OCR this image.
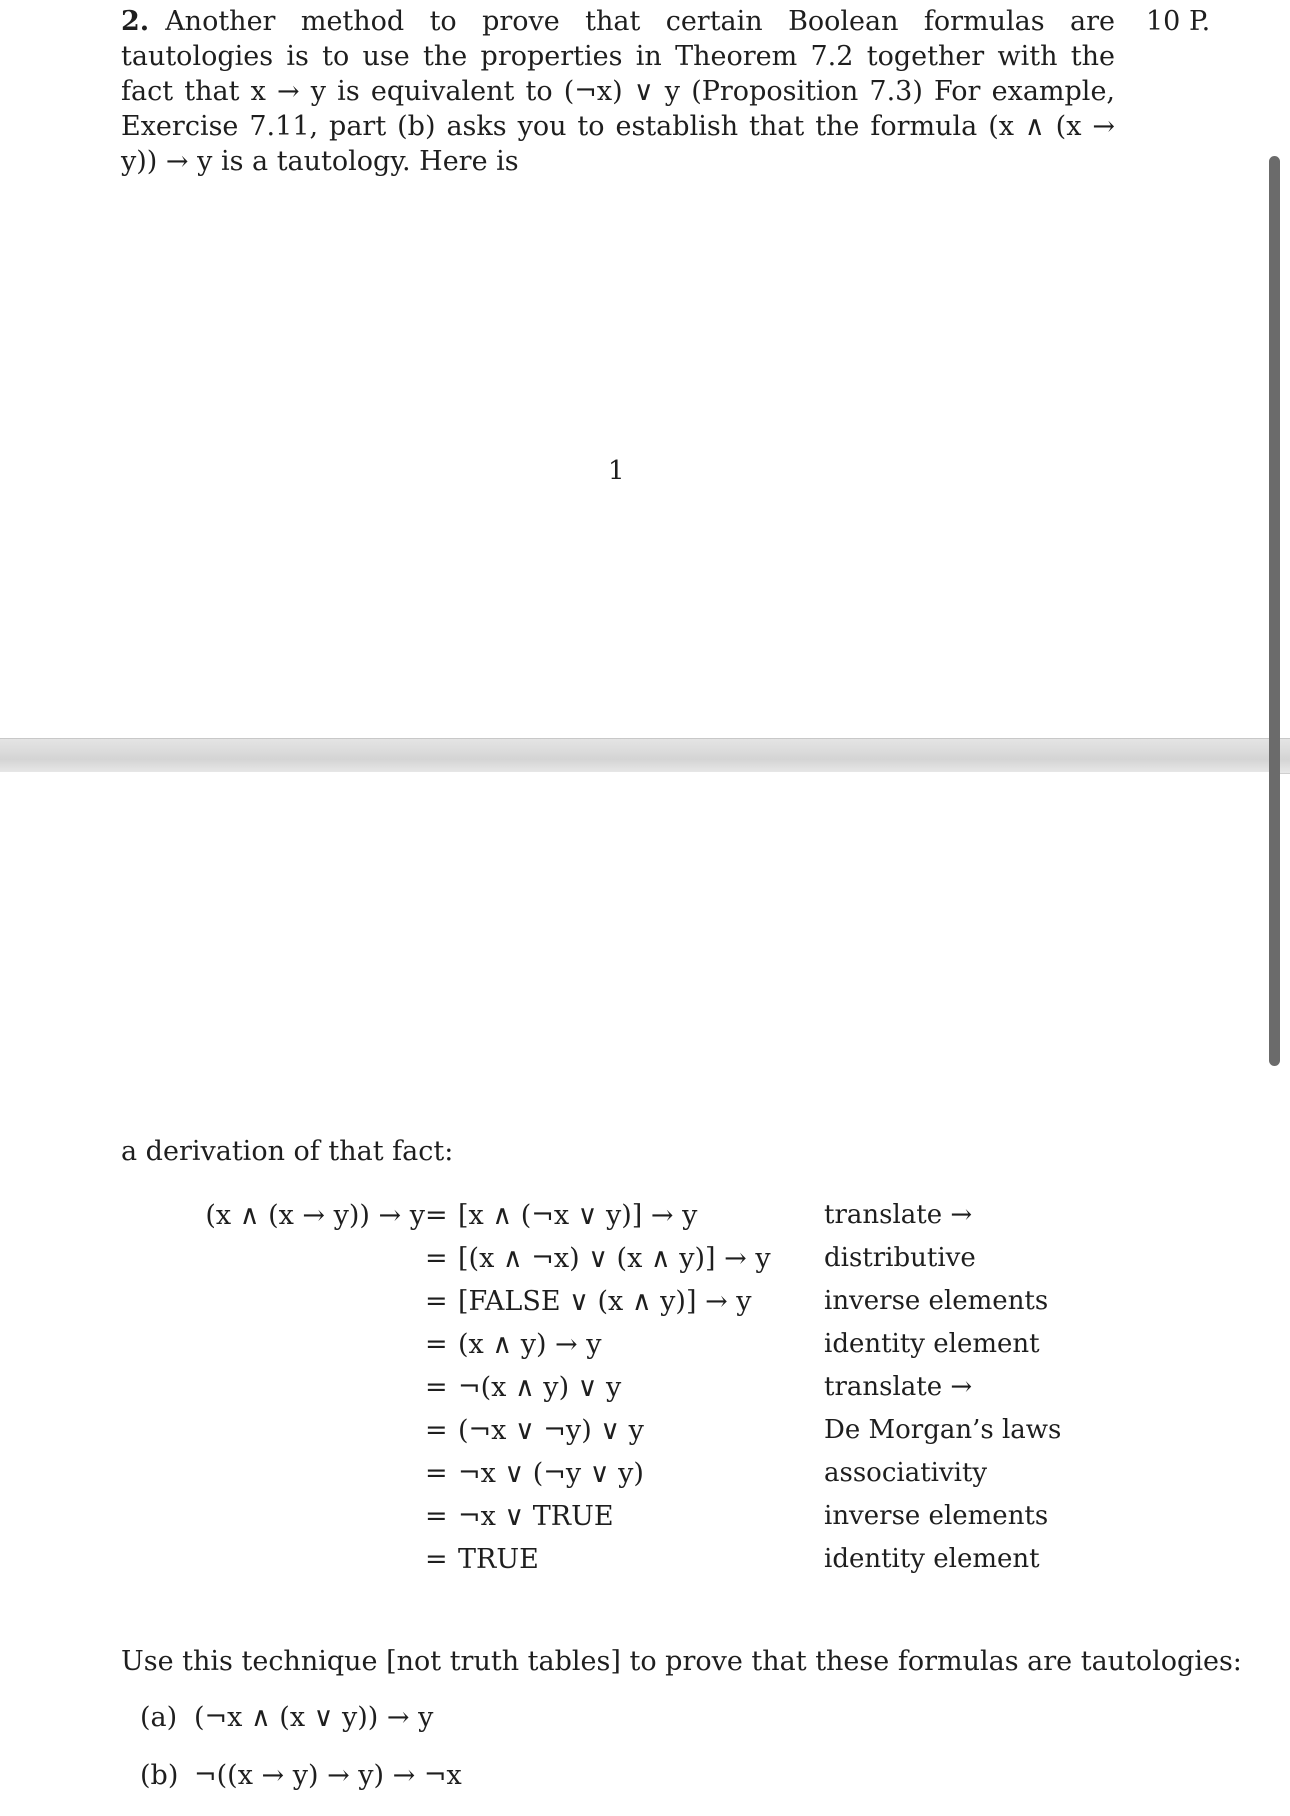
10 P.

2. Another method to prove that certain Boolean formulas are tautologies is to use the properties in Theorem 7.2 together with the fact that x → y is equivalent to (¬x) ∨ y (Proposition 7.3) For example, Exercise 7.11, part (b) asks you to establish that the formula (x ∧ (x → y)) → y is a tautology. Here is

1

a derivation of that fact:

(x ∧ (x → y)) → y = [x ∧ (¬x ∨ y)] → y	translate →
= [(x ∧ ¬x) ∨ (x ∧ y)] → y distributive
= [FALSE ∨ (x ∧ y)] → y	inverse elements
= (x ∧ y) → y	identity element
= ¬(x ∧ y) ∨ y	translate →
= (¬x ∨ ¬y) ∨ y	De Morgan’s laws
= ¬x ∨ (¬y ∨ y)	associativity
= ¬x ∨ TRUE	inverse elements
= TRUE	identity element

Use this technique [not truth tables] to prove that these formulas are tautologies:

(a) (¬x ∧ (x ∨ y)) → y
(b) ¬((x → y) → y) → ¬x
